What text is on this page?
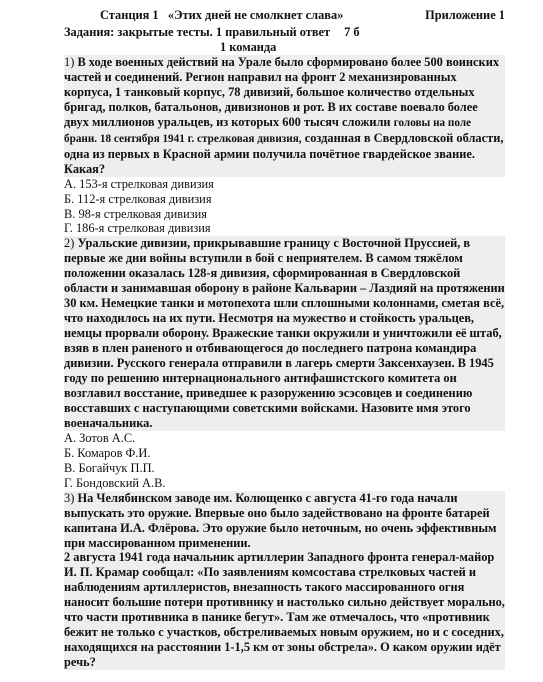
Станция 1   «Этих дней не смолкнет слава»	Приложение 1
Задания: закрытые тесты. 1 правильный ответ 7 б
1 команда

1) В ходе военных действий на Урале было сформировано более 500 воинских частей и соединений. Регион направил на фронт 2 механизированных корпуса, 1 танковый корпус, 78 дивизий, большое количество отдельных бригад, полков, батальонов, дивизионов и рот. В их составе воевало более двух миллионов уральцев, из которых 600 тысяч сложили головы на поле брани. 18 сентября 1941 г. стрелковая дивизия, созданная в Свердловской области, одна из первых в Красной армии получила почётное гвардейское звание. Какая?

А. 153-я стрелковая дивизия

Б. 112-я стрелковая дивизия

В. 98-я стрелковая дивизия

Г. 186-я стрелковая дивизия

2) Уральские дивизии, прикрывавшие границу с Восточной Пруссией, в первые же дни войны вступили в бой с неприятелем. В самом тяжёлом положении оказалась 128-я дивизия, сформированная в Свердловской области и занимавшая оборону в районе Кальварии – Лаздияй на протяжении 30 км. Немецкие танки и мотопехота шли сплошными колоннами, сметая всё, что находилось на их пути. Несмотря на мужество и стойкость уральцев, немцы прорвали оборону. Вражеские танки окружили и уничтожили её штаб, взяв в плен раненого и отбивающегося до последнего патрона командира дивизии. Русского генерала отправили в лагерь смерти Заксенхаузен. В 1945 году по решению интернационального антифашистского комитета он возглавил восстание, приведшее к разоружению эсэсовцев и соединению восставших с наступающими советскими войсками. Назовите имя этого военачальника.

А. Зотов А.С.

Б. Комаров Ф.И.

В. Богайчук П.П.

Г. Бондовский А.В.

3) На Челябинском заводе им. Колющенко с августа 41-го года начали выпускать это оружие. Впервые оно было задействовано на фронте батарей капитана И.А. Флёрова. Это оружие было неточным, но очень эффективным при массированном применении.

2 августа 1941 года начальник артиллерии Западного фронта генерал-майор И. П. Крамар сообщал: «По заявлениям комсостава стрелковых частей и наблюдениям артиллеристов, внезапность такого массированного огня наносит большие потери противнику и настолько сильно действует морально, что части противника в панике бегут». Там же отмечалось, что «противник бежит не только с участков, обстреливаемых новым оружием, но и с соседних, находящихся на расстоянии 1-1,5 км от зоны обстрела». О каком оружии идёт речь?
